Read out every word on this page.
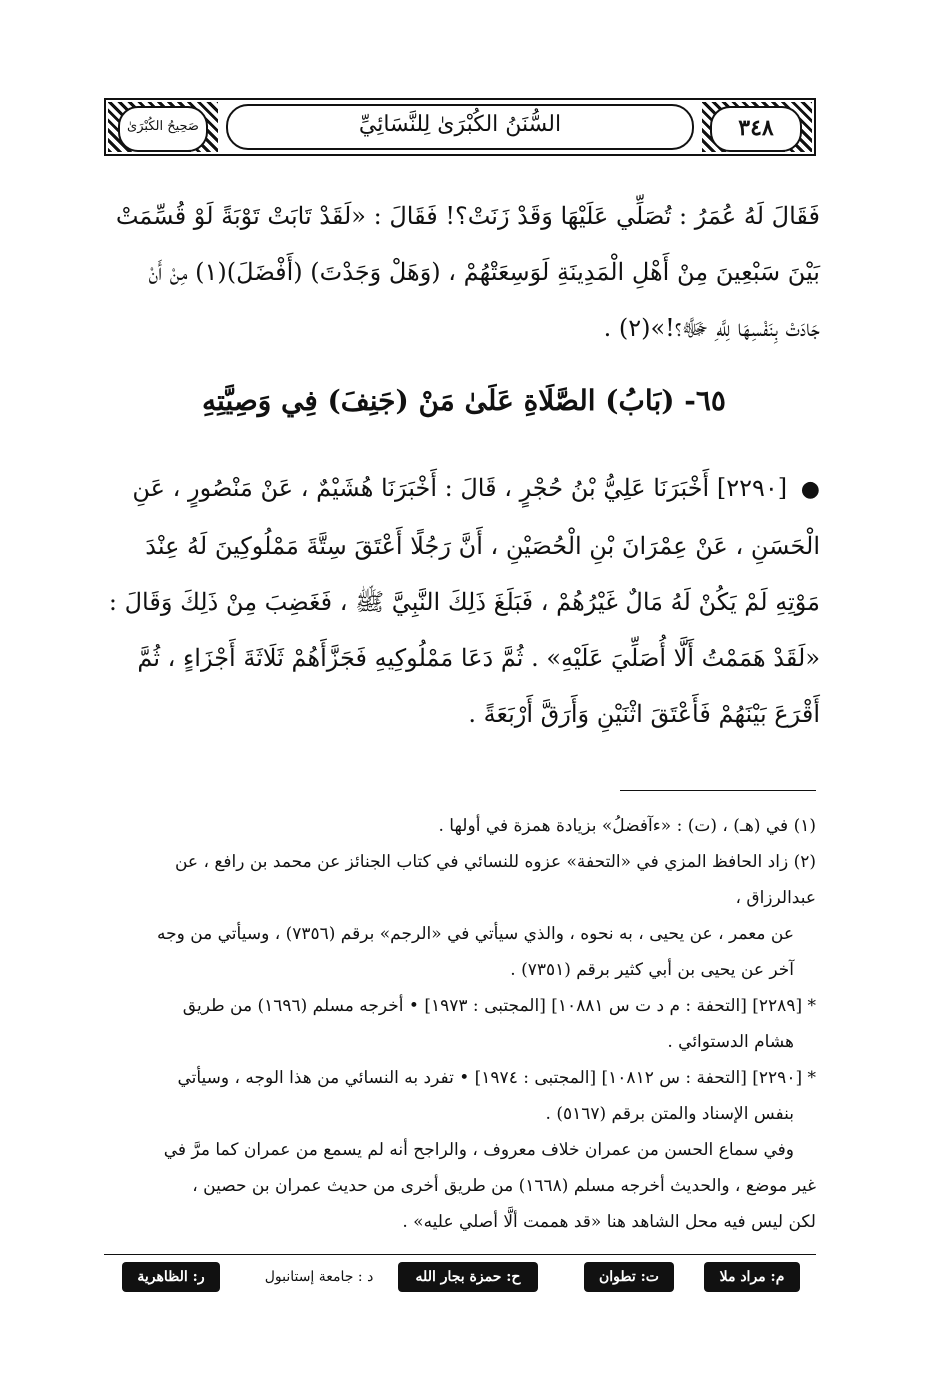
السُّنَنُ الكُبْرَىٰ لِلنَّسَائِيِّ
صَحِيحُ الكُبْرَىٰ	٣٤٨
فَقَالَ لَهُ عُمَرُ : تُصَلِّي عَلَيْهَا وَقَدْ زَنَتْ؟! فَقَالَ : «لَقَدْ تَابَتْ تَوْبَةً لَوْ قُسِّمَتْ بَيْنَ سَبْعِينَ مِنْ أَهْلِ الْمَدِينَةِ لَوَسِعَتْهُمْ ، (وَهَلْ وَجَدْتَ) (أَفْضَلَ)(١) مِنْ أَنْ جَادَتْ بِنَفْسِهَا لِلَّهِ ﷻ؟!»(٢) .
٦٥- (بَابُ) الصَّلَاةِ عَلَىٰ مَنْ (جَنِفَ) فِي وَصِيَّتِهِ
● [٢٢٩٠] أَخْبَرَنَا عَلِيُّ بْنُ حُجْرٍ ، قَالَ : أَخْبَرَنَا هُشَيْمٌ ، عَنْ مَنْصُورٍ ، عَنِ الْحَسَنِ ، عَنْ عِمْرَانَ بْنِ الْحُصَيْنِ ، أَنَّ رَجُلًا أَعْتَقَ سِتَّةَ مَمْلُوكِينَ لَهُ عِنْدَ مَوْتِهِ لَمْ يَكُنْ لَهُ مَالٌ غَيْرُهُمْ ، فَبَلَغَ ذَلِكَ النَّبِيَّ ﷺ ، فَغَضِبَ مِنْ ذَلِكَ وَقَالَ : «لَقَدْ هَمَمْتُ أَلَّا أُصَلِّيَ عَلَيْهِ» . ثُمَّ دَعَا مَمْلُوكِيهِ فَجَزَّأَهُمْ ثَلَاثَةَ أَجْزَاءٍ ، ثُمَّ أَقْرَعَ بَيْنَهُمْ فَأَعْتَقَ اثْنَيْنِ وَأَرَقَّ أَرْبَعَةً .
(١) في (هـ) ، (ت) : «ءآفضلُ» بزيادة همزة في أولها .
(٢) زاد الحافظ المزي في «التحفة» عزوه للنسائي في كتاب الجنائز عن محمد بن رافع ، عن عبدالرزاق ،
عن معمر ، عن يحيى ، به نحوه ، والذي سيأتي في «الرجم» برقم (٧٣٥٦) ، وسيأتي من وجه
آخر عن يحيى بن أبي كثير برقم (٧٣٥١) .
* [٢٢٨٩] [التحفة : م د ت س ١٠٨٨١] [المجتبى : ١٩٧٣] • أخرجه مسلم (١٦٩٦) من طريق
هشام الدستوائي .
* [٢٢٩٠] [التحفة : س ١٠٨١٢] [المجتبى : ١٩٧٤] • تفرد به النسائي من هذا الوجه ، وسيأتي
بنفس الإسناد والمتن برقم (٥١٦٧) .
وفي سماع الحسن من عمران خلاف معروف ، والراجح أنه لم يسمع من عمران كما مرَّ في
غير موضع ، والحديث أخرجه مسلم (١٦٦٨) من طريق أخرى من حديث عمران بن حصين ،
لكن ليس فيه محل الشاهد هنا «قد هممت ألَّا أصلي عليه» .
ر: الظاهرية	د : جامعة إستانبول	ح: حمزة بجار الله	ت: تطوان	م: مراد ملا
